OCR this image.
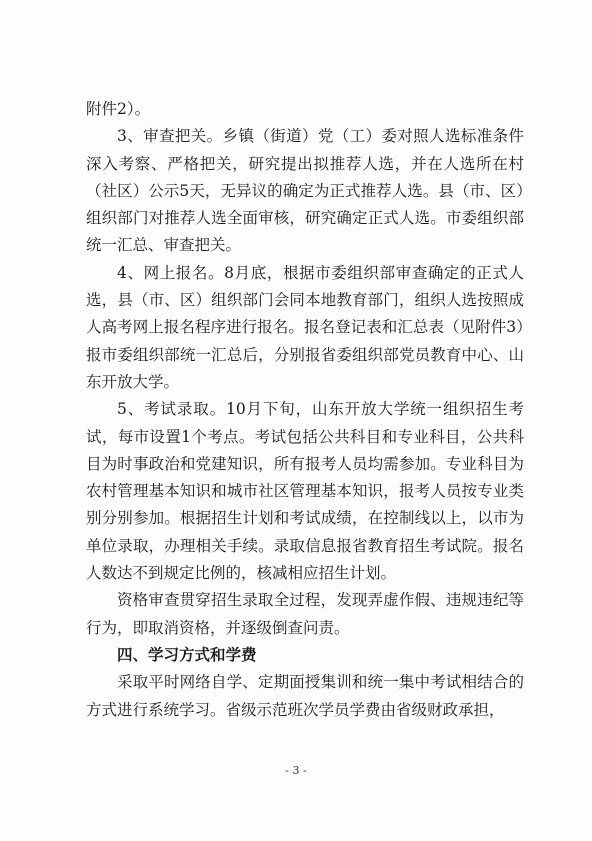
附件2）。

3、审查把关。乡镇（街道）党（工）委对照人选标准条件深入考察、严格把关，研究提出拟推荐人选，并在人选所在村（社区）公示5天，无异议的确定为正式推荐人选。县（市、区）组织部门对推荐人选全面审核，研究确定正式人选。市委组织部统一汇总、审查把关。

4、网上报名。8月底，根据市委组织部审查确定的正式人选，县（市、区）组织部门会同本地教育部门，组织人选按照成人高考网上报名程序进行报名。报名登记表和汇总表（见附件3）报市委组织部统一汇总后，分别报省委组织部党员教育中心、山东开放大学。

5、考试录取。10月下旬，山东开放大学统一组织招生考试，每市设置1个考点。考试包括公共科目和专业科目，公共科目为时事政治和党建知识，所有报考人员均需参加。专业科目为农村管理基本知识和城市社区管理基本知识，报考人员按专业类别分别参加。根据招生计划和考试成绩，在控制线以上，以市为单位录取，办理相关手续。录取信息报省教育招生考试院。报名人数达不到规定比例的，核减相应招生计划。

资格审查贯穿招生录取全过程，发现弄虚作假、违规违纪等行为，即取消资格，并逐级倒查问责。

四、学习方式和学费

采取平时网络自学、定期面授集训和统一集中考试相结合的方式进行系统学习。省级示范班次学员学费由省级财政承担，

- 3 -
